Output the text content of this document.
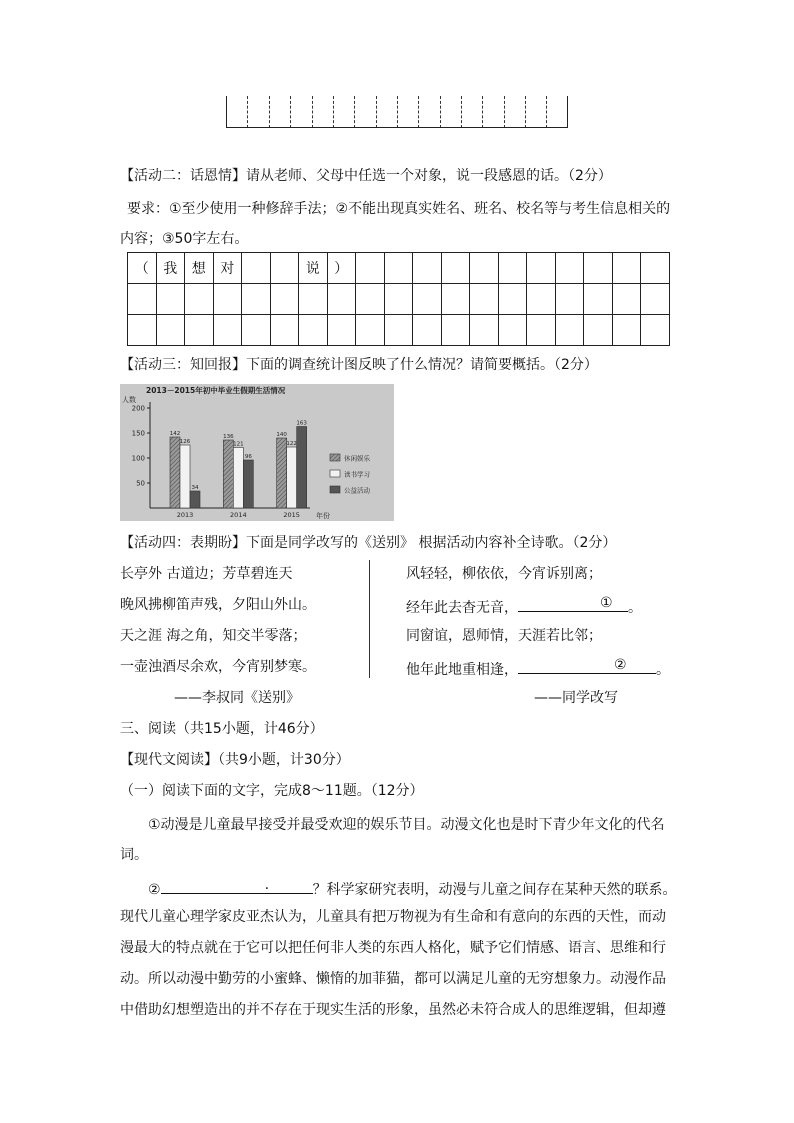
【活动二：话恩情】请从老师、父母中任选一个对象，说一段感恩的话。（2分）
要求：①至少使用一种修辞手法；②不能出现真实姓名、班名、校名等与考生信息相关的
内容；③50字左右。
（	我	想	对			说	）											

【活动三：知回报】下面的调查统计图反映了什么情况？请简要概括。（2分）
2013－2015年初中毕业生假期生活情况
人数
年份
50
100
150
200
142
126
34
2013
136
121
96
2014
140
122
163
2015
休闲娱乐
读书学习
公益活动
【活动四：表期盼】下面是同学改写的《送别》 根据活动内容补全诗歌。（2分）
长亭外 古道边；芳草碧连天
晚风拂柳笛声残，夕阳山外山。
天之涯 海之角，知交半零落；
一壶浊酒尽余欢，今宵别梦寒。
风轻轻，柳依依，今宵诉别离；
经年此去杳无音，	① 。
同窗谊，恩师情，天涯若比邻；
他年此地重相逢，	② 。
——李叔同《送别》	——同学改写
三、阅读（共15小题，计46分）
【现代文阅读】（共9小题，计30分）
（一）阅读下面的文字，完成8～11题。（12分）
①动漫是儿童最早接受并最受欢迎的娱乐节目。动漫文化也是时下青少年文化的代名
词。
②	.	？科学家研究表明，动漫与儿童之间存在某种天然的联系。
现代儿童心理学家皮亚杰认为，儿童具有把万物视为有生命和有意向的东西的天性，而动
漫最大的特点就在于它可以把任何非人类的东西人格化，赋予它们情感、语言、思维和行
动。所以动漫中勤劳的小蜜蜂、懒惰的加菲猫，都可以满足儿童的无穷想象力。动漫作品
中借助幻想塑造出的并不存在于现实生活的形象，虽然必未符合成人的思维逻辑，但却遵
